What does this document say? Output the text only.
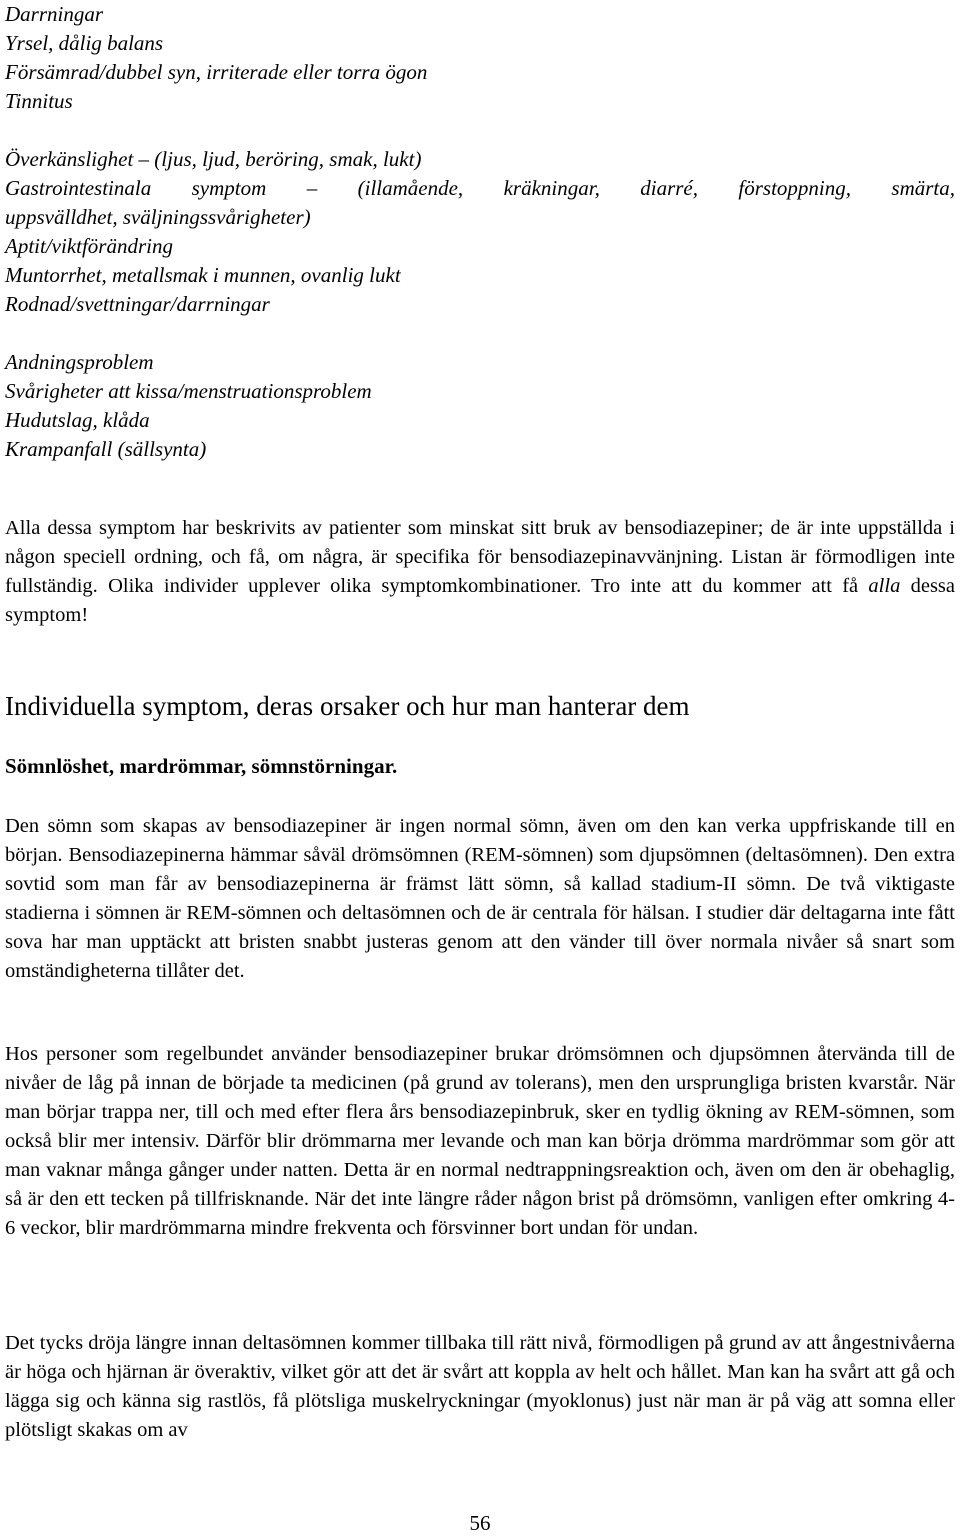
Darrningar
Yrsel, dålig balans
Försämrad/dubbel syn, irriterade eller torra ögon
Tinnitus
Överkänslighet – (ljus, ljud, beröring, smak, lukt)
Gastrointestinala symptom – (illamående, kräkningar, diarré, förstoppning, smärta,
uppsvälldhet, sväljningssvårigheter)
Aptit/viktförändring
Muntorrhet, metallsmak i munnen, ovanlig lukt
Rodnad/svettningar/darrningar
Andningsproblem
Svårigheter att kissa/menstruationsproblem
Hudutslag, klåda
Krampanfall (sällsynta)

Alla dessa symptom har beskrivits av patienter som minskat sitt bruk av bensodiazepiner; de är inte uppställda i någon speciell ordning, och få, om några, är specifika för bensodiazepinavvänjning. Listan är förmodligen inte fullständig. Olika individer upplever olika symptomkombinationer. Tro inte att du kommer att få alla dessa symptom!

Individuella symptom, deras orsaker och hur man hanterar dem
Sömnlöshet, mardrömmar, sömnstörningar.

Den sömn som skapas av bensodiazepiner är ingen normal sömn, även om den kan verka uppfriskande till en början. Bensodiazepinerna hämmar såväl drömsömnen (REM-sömnen) som djupsömnen (deltasömnen). Den extra sovtid som man får av bensodiazepinerna är främst lätt sömn, så kallad stadium-II sömn. De två viktigaste stadierna i sömnen är REM-sömnen och deltasömnen och de är centrala för hälsan. I studier där deltagarna inte fått sova har man upptäckt att bristen snabbt justeras genom att den vänder till över normala nivåer så snart som omständigheterna tillåter det.

Hos personer som regelbundet använder bensodiazepiner brukar drömsömnen och djupsömnen återvända till de nivåer de låg på innan de började ta medicinen (på grund av tolerans), men den ursprungliga bristen kvarstår. När man börjar trappa ner, till och med efter flera års bensodiazepinbruk, sker en tydlig ökning av REM-sömnen, som också blir mer intensiv. Därför blir drömmarna mer levande och man kan börja drömma mardrömmar som gör att man vaknar många gånger under natten. Detta är en normal nedtrappningsreaktion och, även om den är obehaglig, så är den ett tecken på tillfrisknande. När det inte längre råder någon brist på drömsömn, vanligen efter omkring 4-6 veckor, blir mardrömmarna mindre frekventa och försvinner bort undan för undan.

Det tycks dröja längre innan deltasömnen kommer tillbaka till rätt nivå, förmodligen på grund av att ångestnivåerna är höga och hjärnan är överaktiv, vilket gör att det är svårt att koppla av helt och hållet. Man kan ha svårt att gå och lägga sig och känna sig rastlös, få plötsliga muskelryckningar (myoklonus) just när man är på väg att somna eller plötsligt skakas om av

56
